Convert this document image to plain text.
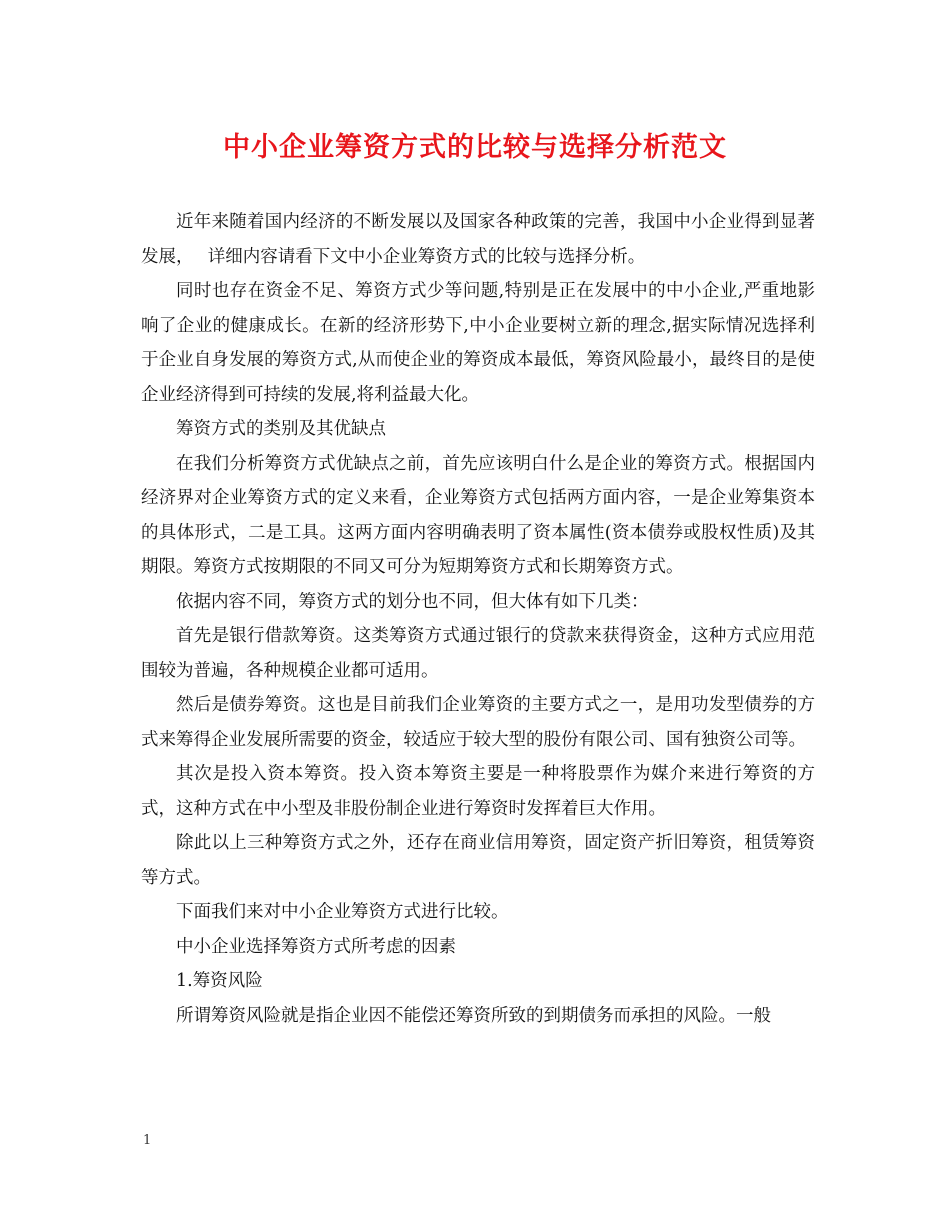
中小企业筹资方式的比较与选择分析范文

近年来随着国内经济的不断发展以及国家各种政策的完善，我国中小企业得到显著发展，　 详细内容请看下文中小企业筹资方式的比较与选择分析。

同时也存在资金不足、筹资方式少等问题,特别是正在发展中的中小企业,严重地影响了企业的健康成长。在新的经济形势下,中小企业要树立新的理念,据实际情况选择利于企业自身发展的筹资方式,从而使企业的筹资成本最低，筹资风险最小，最终目的是使企业经济得到可持续的发展,将利益最大化。

筹资方式的类别及其优缺点

在我们分析筹资方式优缺点之前，首先应该明白什么是企业的筹资方式。根据国内经济界对企业筹资方式的定义来看，企业筹资方式包括两方面内容，一是企业筹集资本的具体形式，二是工具。这两方面内容明确表明了资本属性(资本债券或股权性质)及其期限。筹资方式按期限的不同又可分为短期筹资方式和长期筹资方式。

依据内容不同，筹资方式的划分也不同，但大体有如下几类：

首先是银行借款筹资。这类筹资方式通过银行的贷款来获得资金，这种方式应用范围较为普遍，各种规模企业都可适用。

然后是债券筹资。这也是目前我们企业筹资的主要方式之一，是用功发型债券的方式来筹得企业发展所需要的资金，较适应于较大型的股份有限公司、国有独资公司等。

其次是投入资本筹资。投入资本筹资主要是一种将股票作为媒介来进行筹资的方式，这种方式在中小型及非股份制企业进行筹资时发挥着巨大作用。

除此以上三种筹资方式之外，还存在商业信用筹资，固定资产折旧筹资，租赁筹资等方式。

下面我们来对中小企业筹资方式进行比较。

中小企业选择筹资方式所考虑的因素

1.筹资风险

所谓筹资风险就是指企业因不能偿还筹资所致的到期债务而承担的风险。一般

1
